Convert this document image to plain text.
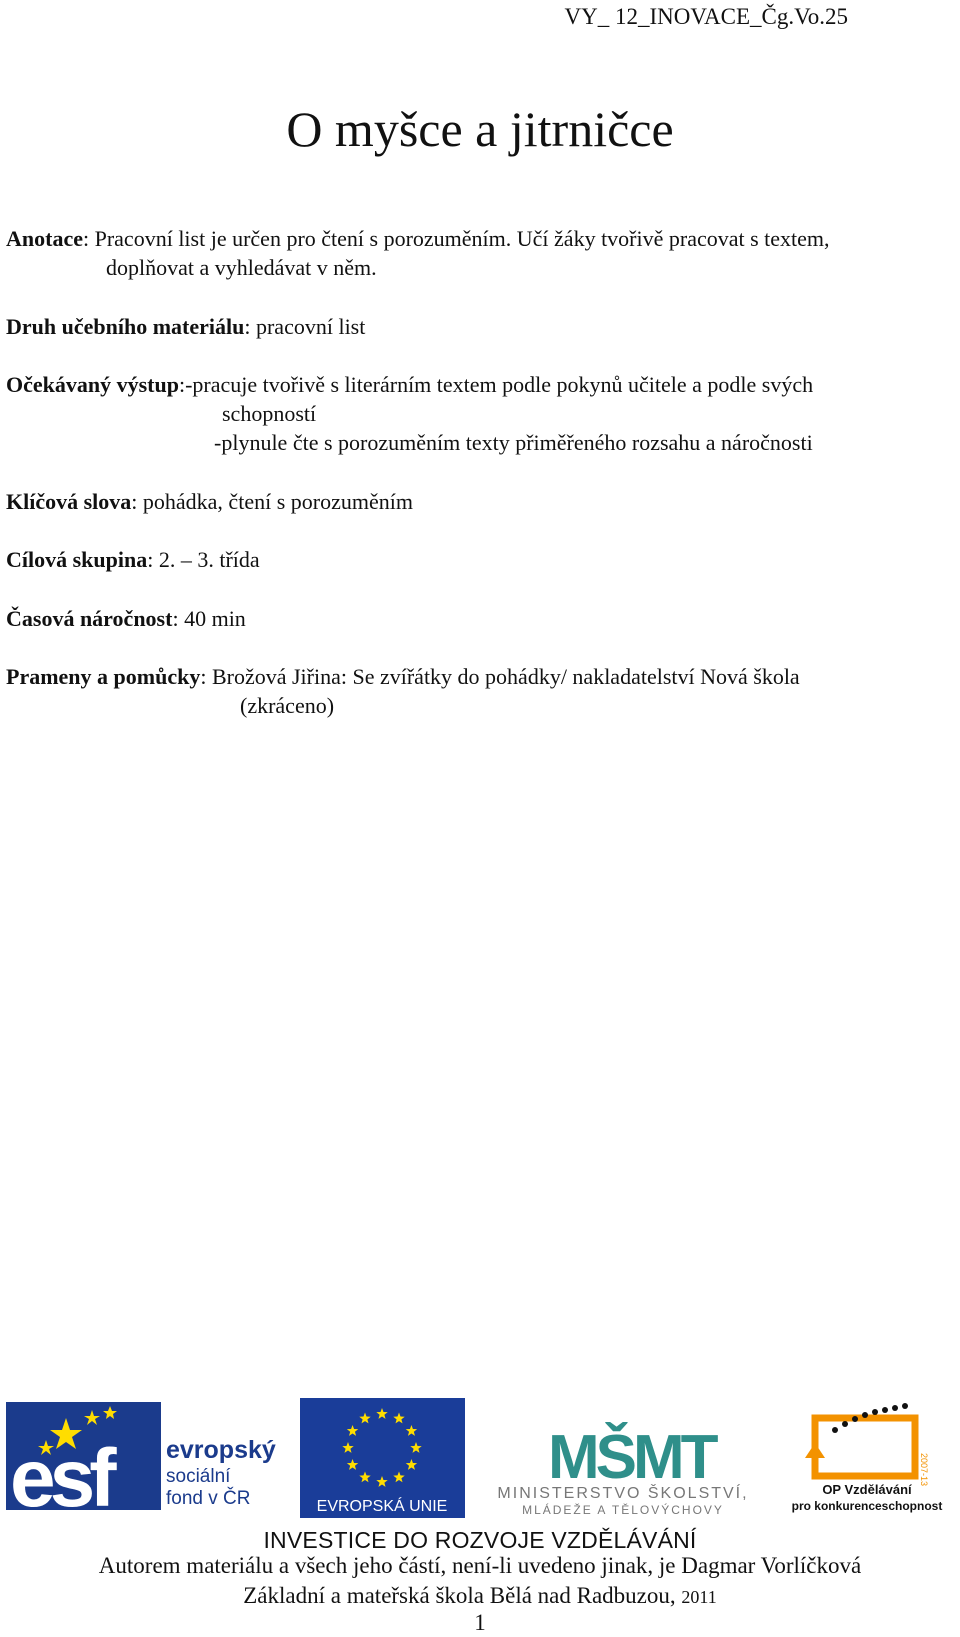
VY_ 12_INOVACE_Čg.Vo.25
O myšce a jitrničce
Anotace: Pracovní list je určen pro čtení s porozuměním. Učí žáky tvořivě pracovat s textem,
doplňovat a vyhledávat v něm.
Druh učebního materiálu: pracovní list
Očekávaný výstup:-pracuje tvořivě s literárním textem podle pokynů učitele a podle svých
schopností
-plynule čte s porozuměním texty přiměřeného rozsahu a náročnosti
Klíčová slova: pohádka, čtení s porozuměním
Cílová skupina: 2. – 3. třída
Časová náročnost: 40 min
Prameny a pomůcky: Brožová Jiřina: Se zvířátky do pohádky/ nakladatelství Nová škola
(zkráceno)
esf evropský
sociální
fond v ČR	EVROPSKÁ UNIE
MŠMT
MINISTERSTVO ŠKOLSTVÍ,
MLÁDEŽE A TĚLOVÝCHOVY
2007-13
OP Vzdělávání
pro konkurenceschopnost
INVESTICE DO ROZVOJE VZDĚLÁVÁNÍ
Autorem materiálu a všech jeho částí, není-li uvedeno jinak, je Dagmar Vorlíčková
Základní a mateřská škola Bělá nad Radbuzou, 2011
1
